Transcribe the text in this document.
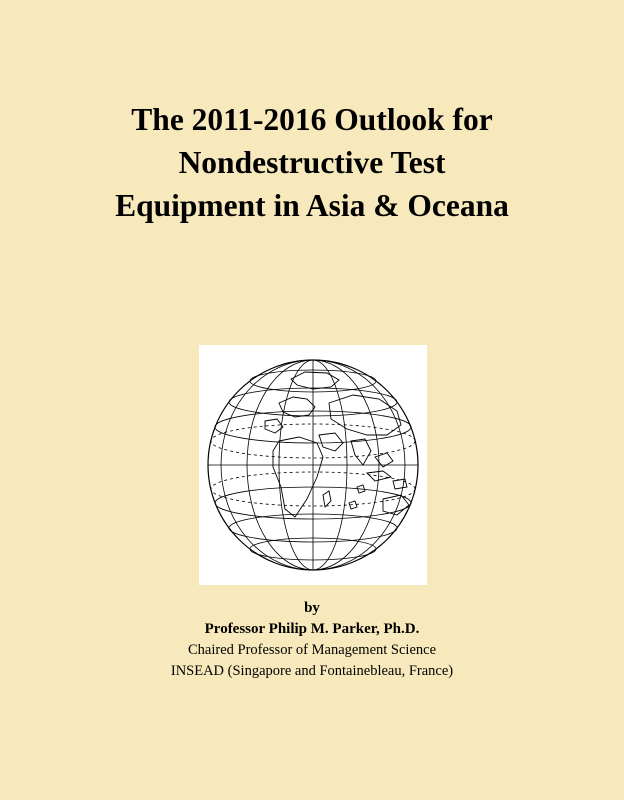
The 2011-2016 Outlook for
Nondestructive Test
Equipment in Asia & Oceana
by
Professor Philip M. Parker, Ph.D.
Chaired Professor of Management Science
INSEAD (Singapore and Fontainebleau, France)
